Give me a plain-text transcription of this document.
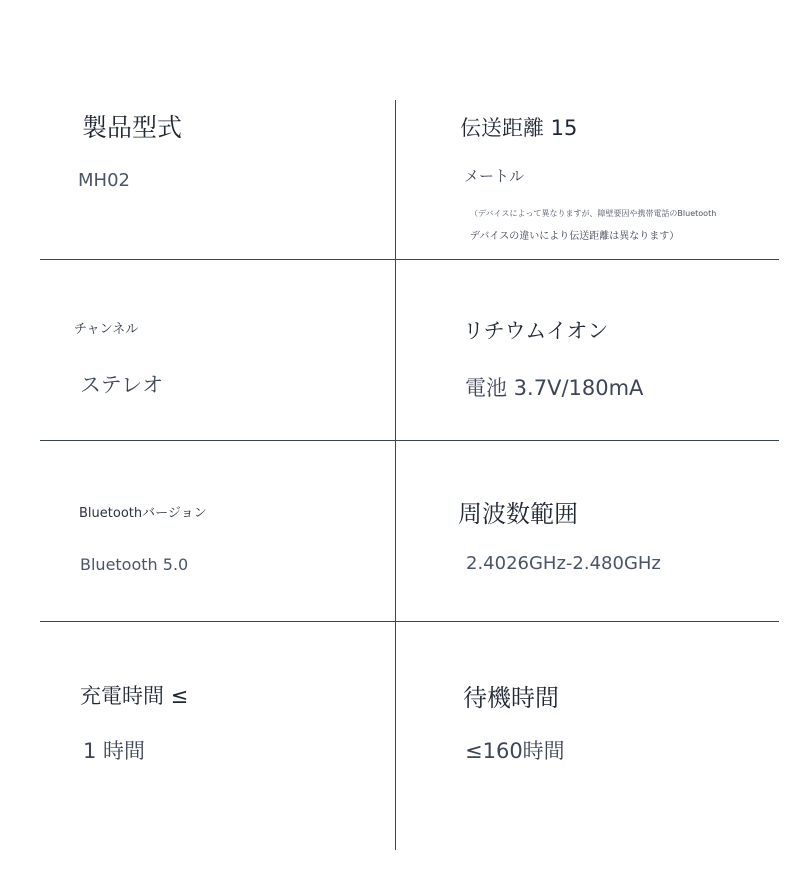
製品型式
MH02
伝送距離 15
メートル
（デバイスによって異なりますが、障壁要因や携帯電話のBluetooth
デバイスの違いにより伝送距離は異なります）
チャンネル
ステレオ
リチウムイオン
電池 3.7V/180mA
Bluetoothバージョン
Bluetooth 5.0
周波数範囲
2.4026GHz-2.480GHz
充電時間 ≤
1 時間
待機時間
≤160時間
